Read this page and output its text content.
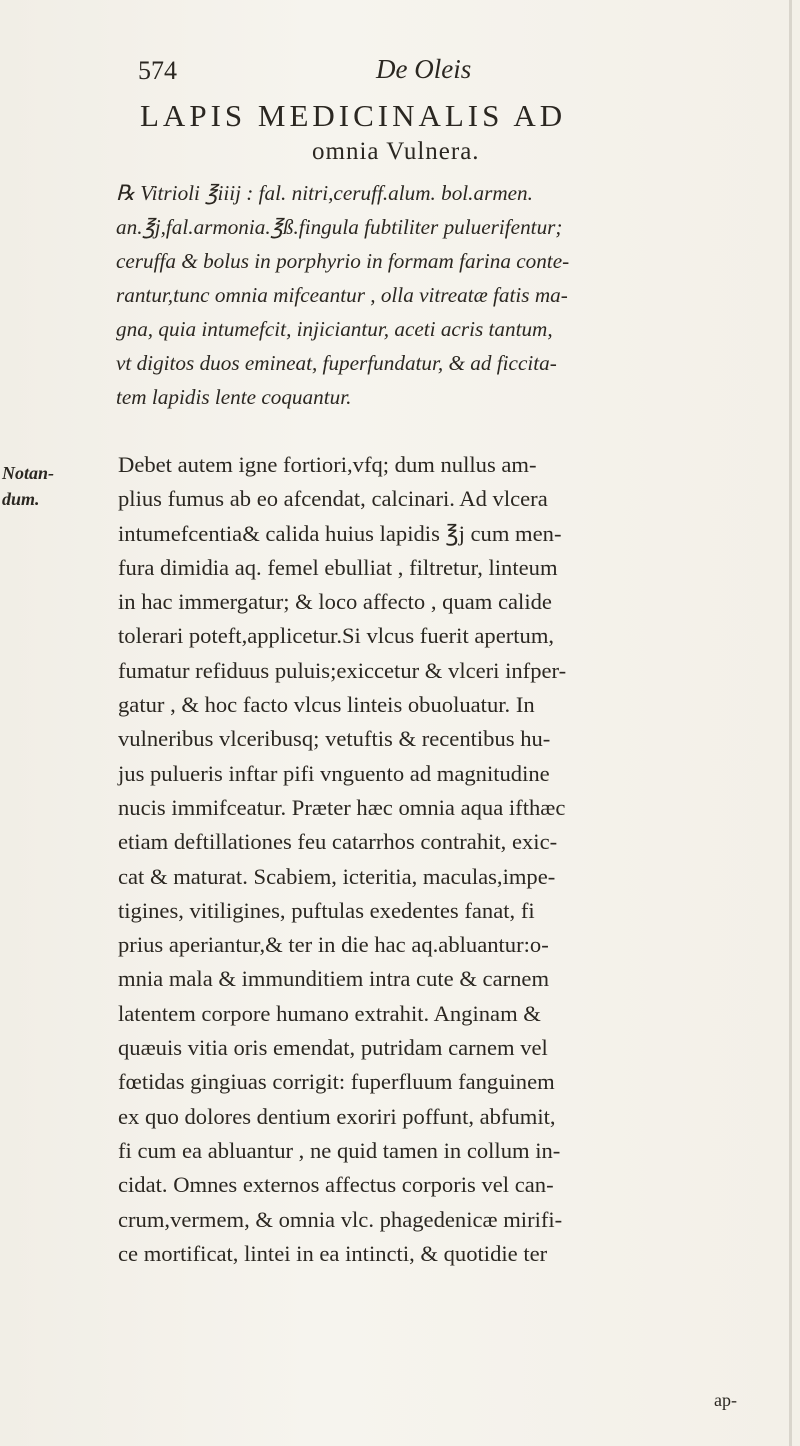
574	De Oleis
LAPIS MEDICINALIS AD
omnia Vulnera.
℞ Vitrioli ℥iiij : fal. nitri,ceruff.alum. bol.armen.
an.℥j,fal.armonia.℥ß.fingula fubtiliter puluerifentur;
ceruffa & bolus in porphyrio in formam farina conte-
rantur,tunc omnia mifceantur , olla vitreatæ fatis ma-
gna, quia intumefcit, injiciantur, aceti acris tantum,
vt digitos duos emineat, fuperfundatur, & ad ficcita-
tem lapidis lente coquantur.
Notan-
dum.
Debet autem igne fortiori,vfq; dum nullus am-
plius fumus ab eo afcendat, calcinari. Ad vlcera
intumefcentia& calida huius lapidis ℥j cum men-
fura dimidia aq. femel ebulliat , filtretur, linteum
in hac immergatur; & loco affecto , quam calide
tolerari poteft,applicetur.Si vlcus fuerit apertum,
fumatur refiduus puluis;exiccetur & vlceri infper-
gatur , & hoc facto vlcus linteis obuoluatur. In
vulneribus vlceribusq; vetuftis & recentibus hu-
jus pulueris inftar pifi vnguento ad magnitudine
nucis immifceatur. Præter hæc omnia aqua ifthæc
etiam deftillationes feu catarrhos contrahit, exic-
cat & maturat. Scabiem, icteritia, maculas,impe-
tigines, vitiligines, puftulas exedentes fanat, fi
prius aperiantur,& ter in die hac aq.abluantur:o-
mnia mala & immunditiem intra cute & carnem
latentem corpore humano extrahit. Anginam &
quæuis vitia oris emendat, putridam carnem vel
fœtidas gingiuas corrigit: fuperfluum fanguinem
ex quo dolores dentium exoriri poffunt, abfumit,
fi cum ea abluantur , ne quid tamen in collum in-
cidat. Omnes externos affectus corporis vel can-
crum,vermem, & omnia vlc. phagedenicæ mirifi-
ce mortificat, lintei in ea intincti, & quotidie ter
ap-
